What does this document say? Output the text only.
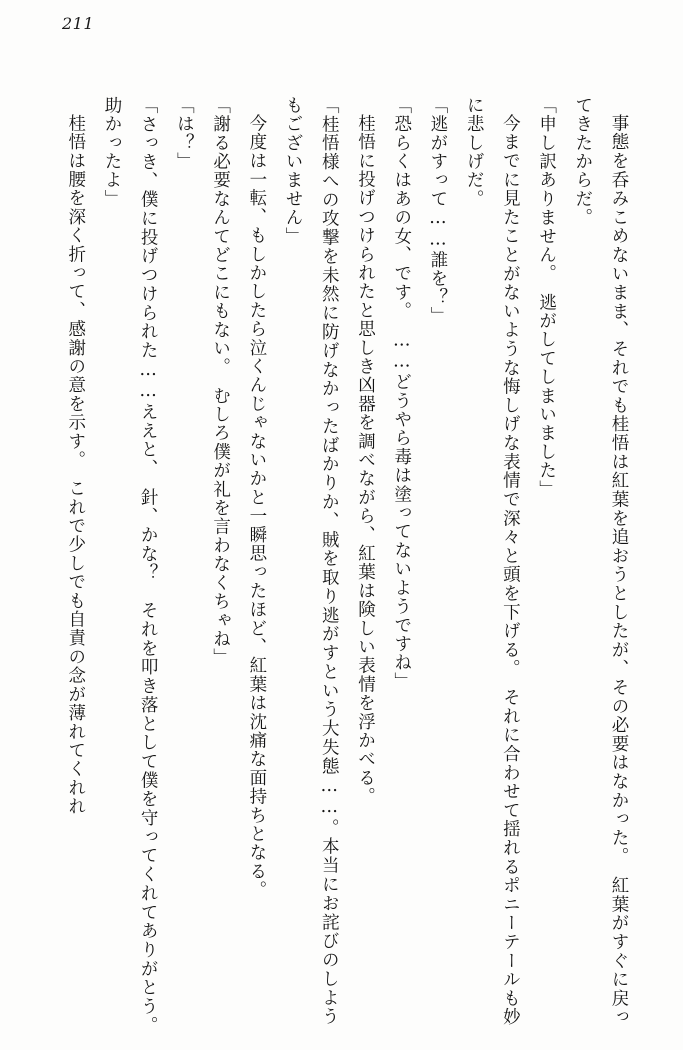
211

事態を呑みこめないまま、それでも桂悟は紅葉を追おうとしたが、その必要はなかった。　紅葉がすぐに戻ってきたからだ。

「申し訳ありません。　逃がしてしまいました」

今までに見たことがないような悔しげな表情で深々と頭を下げる。　それに合わせて揺れるポニーテールも妙に悲しげだ。

「逃がすって……誰を？」

「恐らくはあの女、です。　……どうやら毒は塗ってないようですね」

桂悟に投げつけられたと思しき凶器を調べながら、紅葉は険しい表情を浮かべる。

「桂悟様への攻撃を未然に防げなかったばかりか、賊を取り逃がすという大失態……。本当にお詫びのしようもございません」

今度は一転、もしかしたら泣くんじゃないかと一瞬思ったほど、紅葉は沈痛な面持ちとなる。

「謝る必要なんてどこにもない。　むしろ僕が礼を言わなくちゃね」

「は？」

「さっき、僕に投げつけられた……ええと、　針、かな？　それを叩き落として僕を守ってくれてありがとう。　助かったよ」

桂悟は腰を深く折って、感謝の意を示す。　これで少しでも自責の念が薄れてくれれ
